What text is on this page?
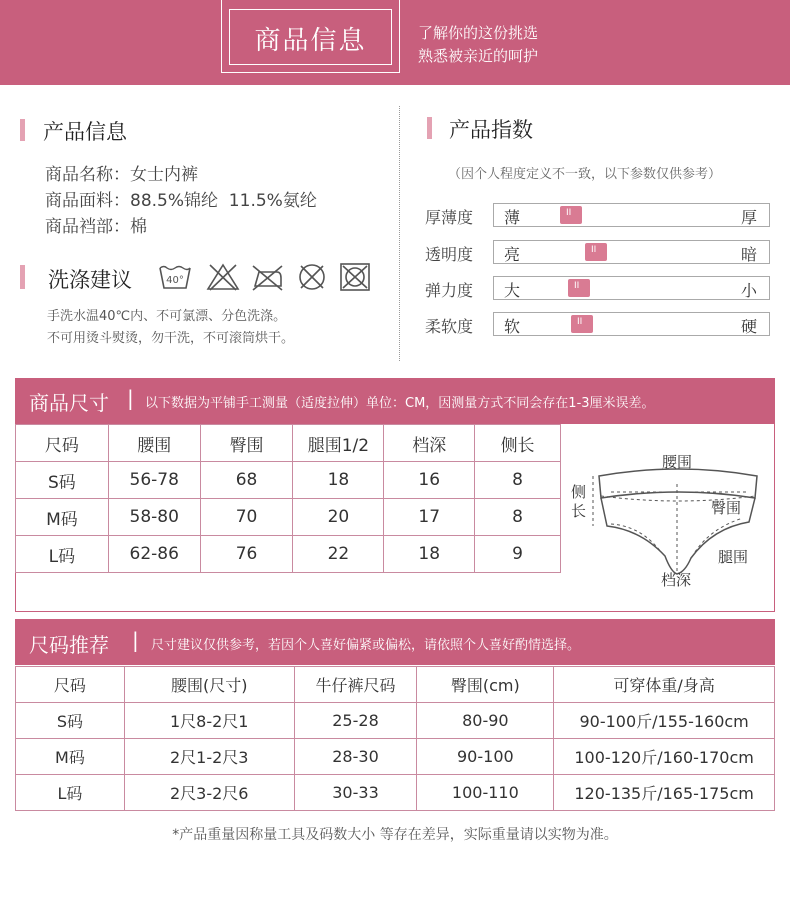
商品信息	了解你的这份挑选
熟悉被亲近的呵护
产品信息
商品名称：女士内裤
商品面料：88.5%锦纶  11.5%氨纶
商品裆部：棉
洗涤建议	40°
手洗水温40℃内、不可氯漂、分色洗涤。
不可用烫斗熨烫，勿干洗，不可滚筒烘干。
产品指数
（因个人程度定义不一致，以下参数仅供参考）
厚薄度 薄 II	厚
透明度 亮 II	暗
弹力度 大 II	小
柔软度 软 II	硬
商品尺寸 | 以下数据为平铺手工测量（适度拉伸）单位：CM，因测量方式不同会存在1-3厘米误差。
尺码	腰围	臀围	腿围1/2	档深	侧长
S码	56-78	68	18	16	8
M码	58-80	70	20	17	8
L码	62-86	76	22	18	9
腰围
臀围
侧
长
腿围
档深
尺码推荐 | 尺寸建议仅供参考，若因个人喜好偏紧或偏松，请依照个人喜好酌情选择。
尺码	腰围(尺寸)	牛仔裤尺码	臀围(cm)	可穿体重/身高
S码	1尺8-2尺1	25-28	80-90	90-100斤/155-160cm
M码	2尺1-2尺3	28-30	90-100	100-120斤/160-170cm
L码	2尺3-2尺6	30-33	100-110	120-135斤/165-175cm
*产品重量因称量工具及码数大小 等存在差异，实际重量请以实物为准。
